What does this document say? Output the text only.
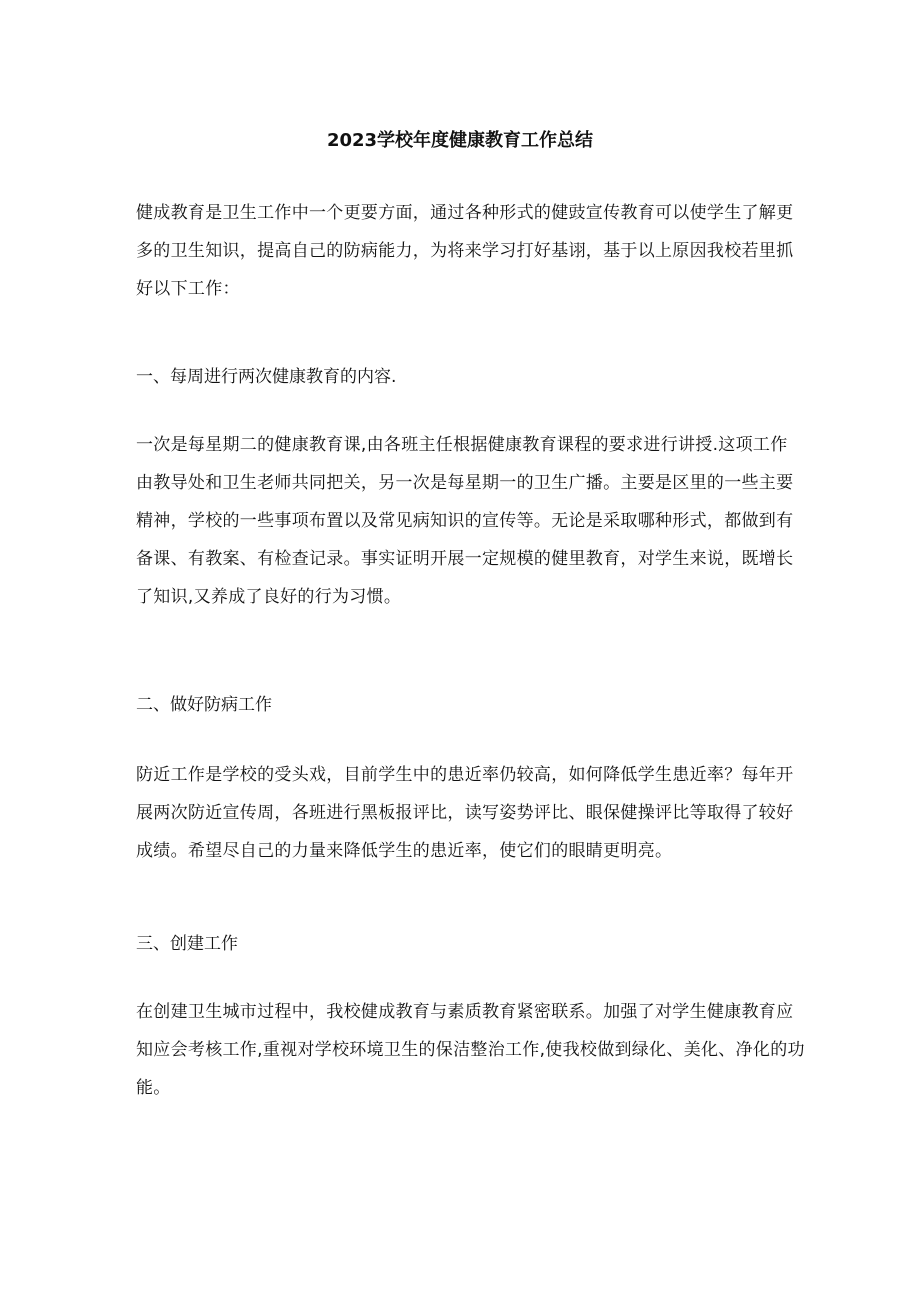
2023学校年度健康教育工作总结

健成教育是卫生工作中一个更要方面，通过各种形式的健豉宣传教育可以使学生了解更
多的卫生知识，提高自己的防病能力，为将来学习打好基诩，基于以上原因我校若里抓
好以下工作：

一、每周进行两次健康教育的内容.

一次是每星期二的健康教育课,由各班主任根据健康教育课程的要求进行讲授.这项工作
由教导处和卫生老师共同把关，另一次是每星期一的卫生广播。主要是区里的一些主要
精神，学校的一些事项布置以及常见病知识的宣传等。无论是采取哪种形式，都做到有
备课、有教案、有检查记录。事实证明开展一定规模的健里教育，对学生来说，既增长
了知识,又养成了良好的行为习惯。

二、做好防病工作

防近工作是学校的受头戏，目前学生中的患近率仍较高，如何降低学生患近率？每年开
展两次防近宣传周，各班进行黑板报评比，读写姿势评比、眼保健操评比等取得了较好
成绩。希望尽自己的力量来降低学生的患近率，使它们的眼睛更明亮。

三、创建工作

在创建卫生城市过程中，我校健成教育与素质教育紧密联系。加强了对学生健康教育应
知应会考核工作,重视对学校环境卫生的保洁整治工作,使我校做到绿化、美化、净化的功
能。
